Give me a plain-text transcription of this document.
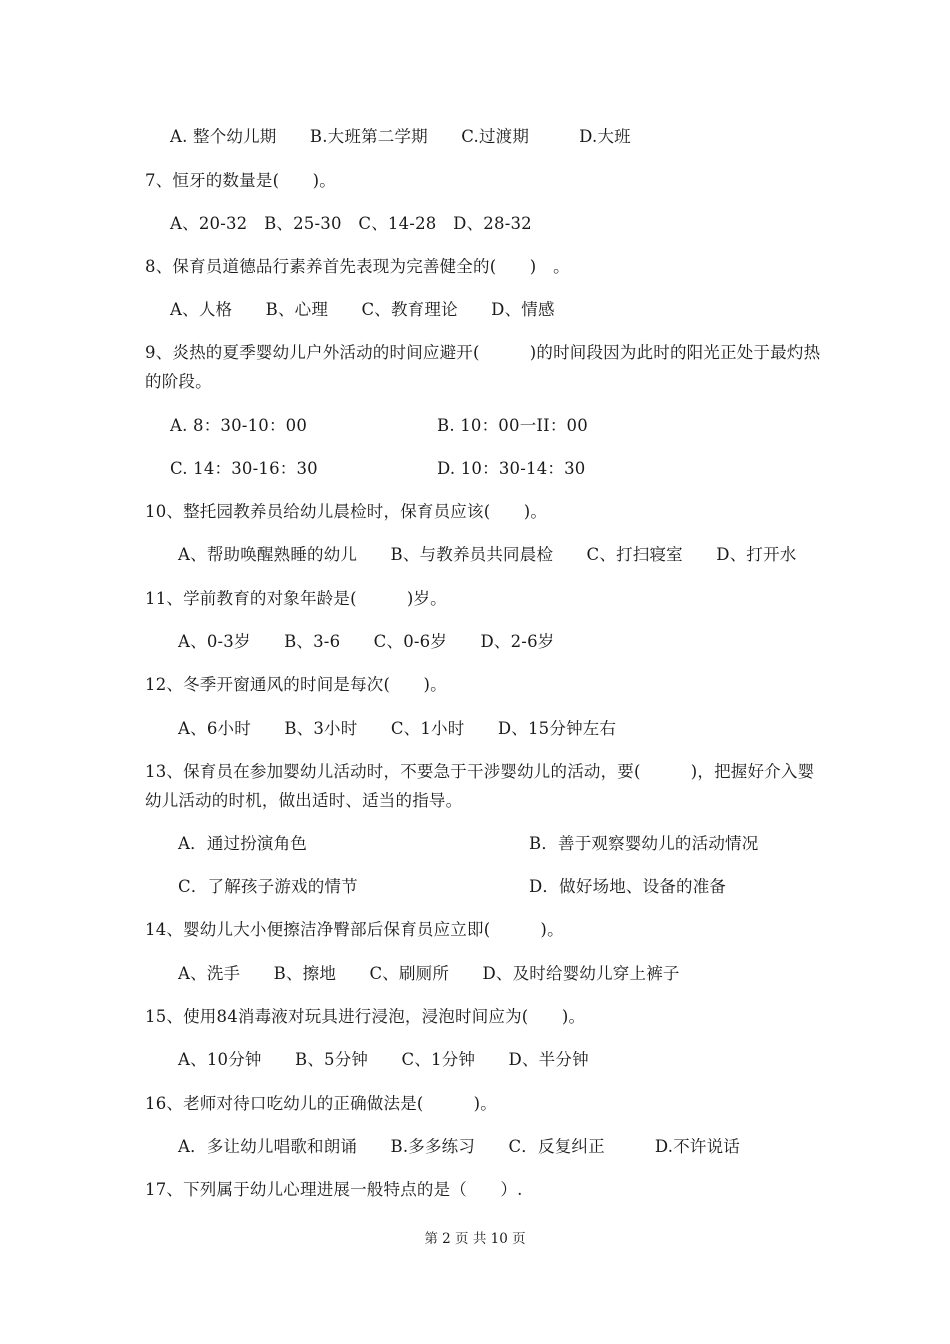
A. 整个幼儿期　　B.大班第二学期　　C.过渡期　　　D.大班
7、恒牙的数量是(　　)。
A、20-32　B、25-30　C、14-28　D、28-32
8、保育员道德品行素养首先表现为完善健全的(　　)　。
A、人格　　B、心理　　C、教育理论　　D、情感
9、炎热的夏季婴幼儿户外活动的时间应避开(　　　)的时间段因为此时的阳光正处于最灼热
的阶段。
A. 8：30-10：00	B. 10：00一II：00
C. 14：30-16：30	D. 10：30-14：30
10、整托园教养员给幼儿晨检时，保育员应该(　　)。
A、帮助唤醒熟睡的幼儿　　B、与教养员共同晨检　　C、打扫寝室　　D、打开水
11、学前教育的对象年龄是(　　　)岁。
A、0-3岁　　B、3-6　　C、0-6岁　　D、2-6岁
12、冬季开窗通风的时间是每次(　　)。
A、6小时　　B、3小时　　C、1小时　　D、15分钟左右
13、保育员在参加婴幼儿活动时，不要急于干涉婴幼儿的活动，要(　　　)，把握好介入婴
幼儿活动的时机，做出适时、适当的指导。
A．通过扮演角色	B．善于观察婴幼儿的活动情况
C．了解孩子游戏的情节	D．做好场地、设备的准备
14、婴幼儿大小便擦洁净臀部后保育员应立即(　　　)。
A、洗手　　B、擦地　　C、刷厕所　　D、及时给婴幼儿穿上裤子
15、使用84消毒液对玩具进行浸泡，浸泡时间应为(　　)。
A、10分钟　　B、5分钟　　C、1分钟　　D、半分钟
16、老师对待口吃幼儿的正确做法是(　　　)。
A．多让幼儿唱歌和朗诵　　B.多多练习　　C．反复纠正　　　D.不许说话
17、下列属于幼儿心理进展一般特点的是（　　）.
第 2 页 共 10 页
